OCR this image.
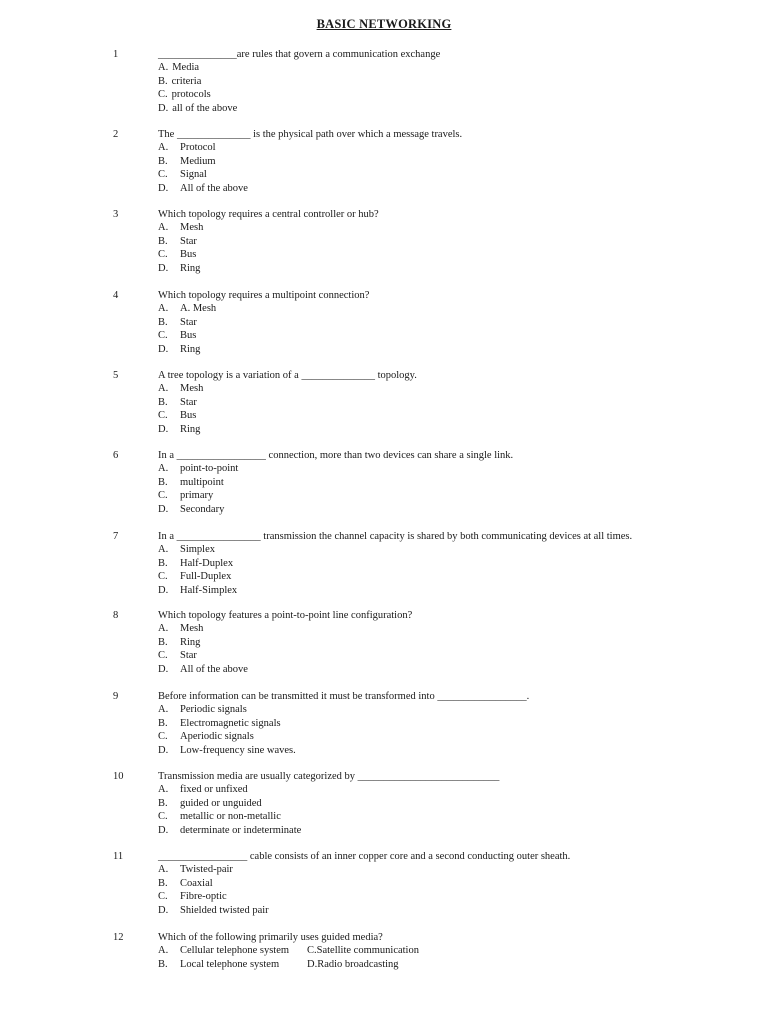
BASIC NETWORKING
1	_______________are rules that govern a communication exchange
A. Media
B. criteria
C. protocols
D. all of the above
2	The ______________ is the physical path over which a message travels.
A. Protocol
B. Medium
C. Signal
D. All of the above
3	Which topology requires a central controller or hub?
A. Mesh
B. Star
C. Bus
D. Ring
4	Which topology requires a multipoint connection?
A. A. Mesh
B. Star
C. Bus
D. Ring
5	A tree topology is a variation of a ______________ topology.
A. Mesh
B. Star
C. Bus
D. Ring
6	In a _________________ connection, more than two devices can share a single link.
A. point-to-point
B. multipoint
C. primary
D. Secondary
7	In a ________________ transmission the channel capacity is shared by both communicating devices at all times.
A. Simplex
B. Half-Duplex
C. Full-Duplex
D. Half-Simplex
8	Which topology features a point-to-point line configuration?
A. Mesh
B. Ring
C. Star
D. All of the above
9	Before information can be transmitted it must be transformed into _________________.
A. Periodic signals
B. Electromagnetic signals
C. Aperiodic signals
D. Low-frequency sine waves.
10	Transmission media are usually categorized by ___________________________
A. fixed or unfixed
B. guided or unguided
C. metallic or non-metallic
D. determinate or indeterminate
11	_________________ cable consists of an inner copper core and a second conducting outer sheath.
A. Twisted-pair
B. Coaxial
C. Fibre-optic
D. Shielded twisted pair
12	Which of the following primarily uses guided media?
A. Cellular telephone system C.Satellite communication
B. Local telephone system	D.Radio broadcasting
